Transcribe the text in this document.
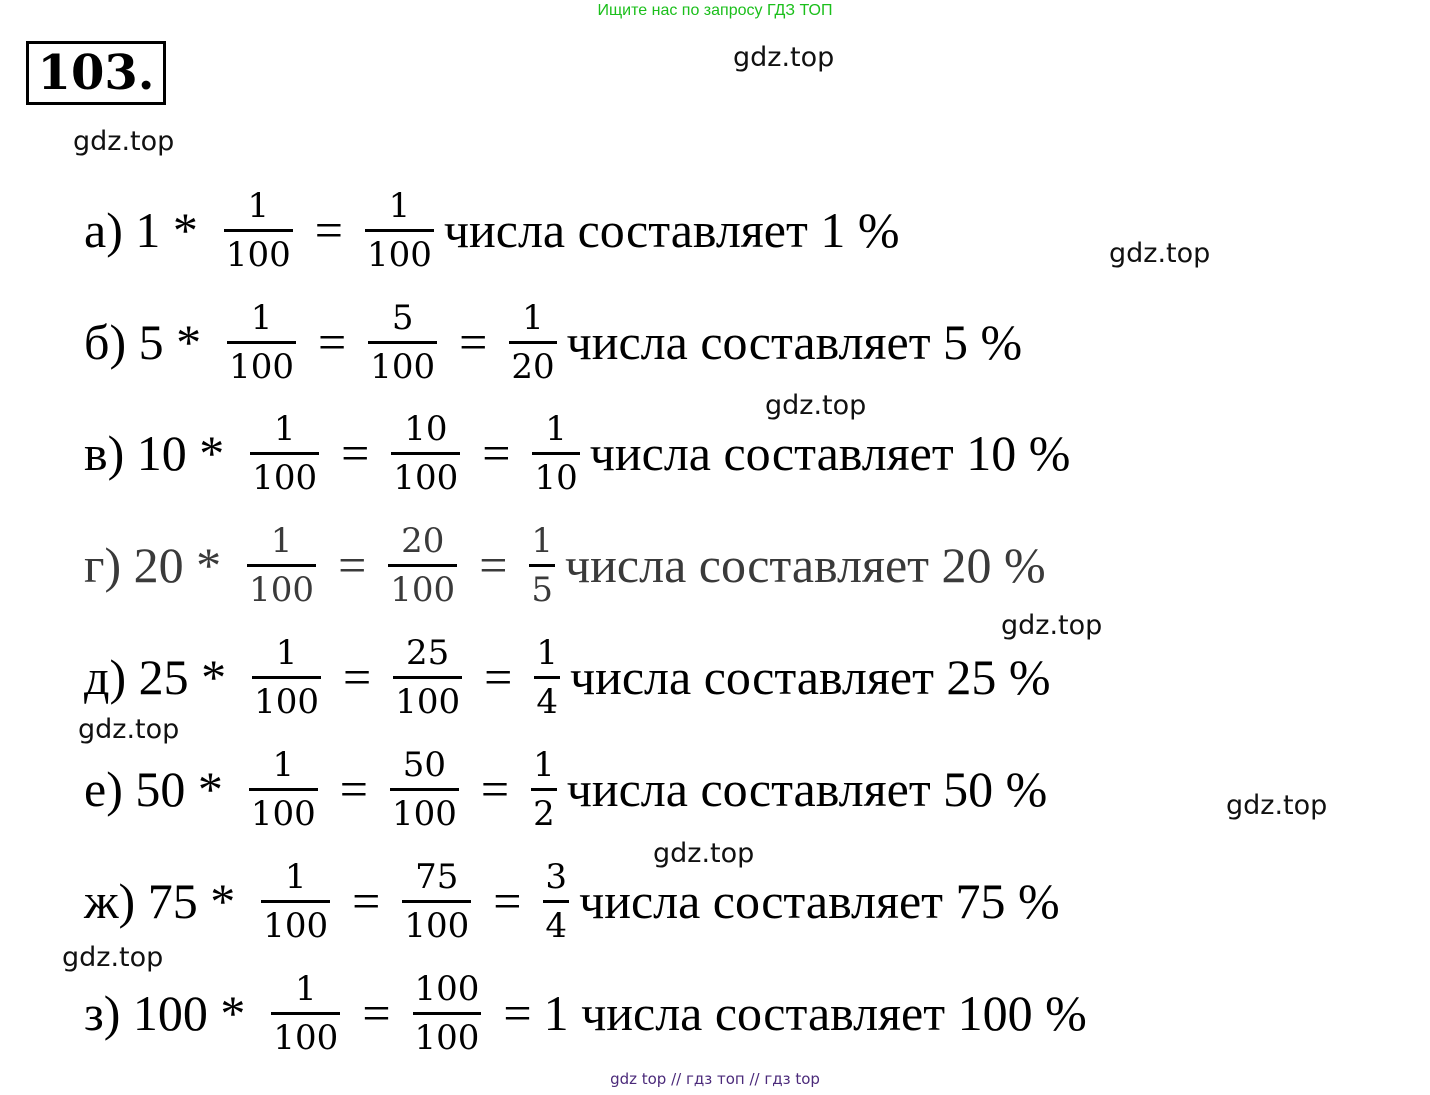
Ищите нас по запросу ГДЗ ТОП
103.	gdz.top
gdz.top
gdz.top
gdz.top
gdz.top
gdz.top
gdz.top
gdz.top
gdz.top
а) $1 * \frac{1}{100} = \frac{1}{100}$ числа составляет 1 %
б) $5 * \frac{1}{100} = \frac{5}{100} = \frac{1}{20}$ числа составляет 5 %
в) $10 * \frac{1}{100} = \frac{10}{100} = \frac{1}{10}$ числа составляет 10 %
г) $20 * \frac{1}{100} = \frac{20}{100} = \frac{1}{5}$ числа составляет 20 %
д) $25 * \frac{1}{100} = \frac{25}{100} = \frac{1}{4}$ числа составляет 25 %
е) $50 * \frac{1}{100} = \frac{50}{100} = \frac{1}{2}$ числа составляет 50 %
ж) $75 * \frac{1}{100} = \frac{75}{100} = \frac{3}{4}$ числа составляет 75 %
з) $100 * \frac{1}{100} = \frac{100}{100} = 1$
числа составляет 100 %
gdz top // гдз топ // гдз top
